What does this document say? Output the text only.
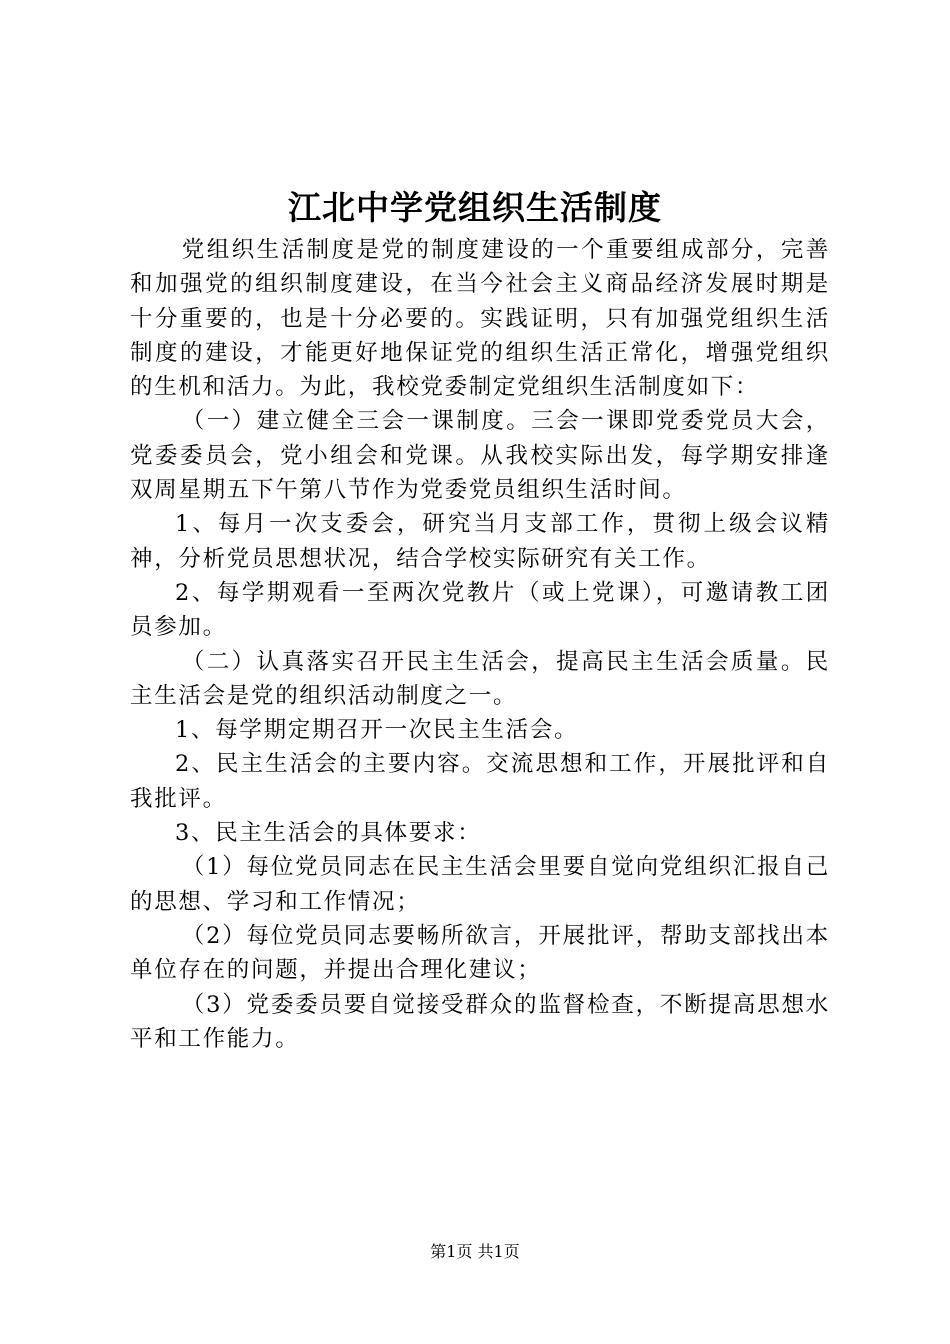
江北中学党组织生活制度

党组织生活制度是党的制度建设的一个重要组成部分，完善和加强党的组织制度建设，在当今社会主义商品经济发展时期是十分重要的，也是十分必要的。实践证明，只有加强党组织生活制度的建设，才能更好地保证党的组织生活正常化，增强党组织的生机和活力。为此，我校党委制定党组织生活制度如下：

（一）建立健全三会一课制度。三会一课即党委党员大会，党委委员会，党小组会和党课。从我校实际出发，每学期安排逢双周星期五下午第八节作为党委党员组织生活时间。

1、每月一次支委会，研究当月支部工作，贯彻上级会议精神，分析党员思想状况，结合学校实际研究有关工作。

2、每学期观看一至两次党教片（或上党课），可邀请教工团员参加。

（二）认真落实召开民主生活会，提高民主生活会质量。民主生活会是党的组织活动制度之一。

1、每学期定期召开一次民主生活会。

2、民主生活会的主要内容。交流思想和工作，开展批评和自我批评。

3、民主生活会的具体要求：

（1）每位党员同志在民主生活会里要自觉向党组织汇报自己的思想、学习和工作情况；

（2）每位党员同志要畅所欲言，开展批评，帮助支部找出本单位存在的问题，并提出合理化建议；

（3）党委委员要自觉接受群众的监督检查，不断提高思想水平和工作能力。

第1页 共1页
